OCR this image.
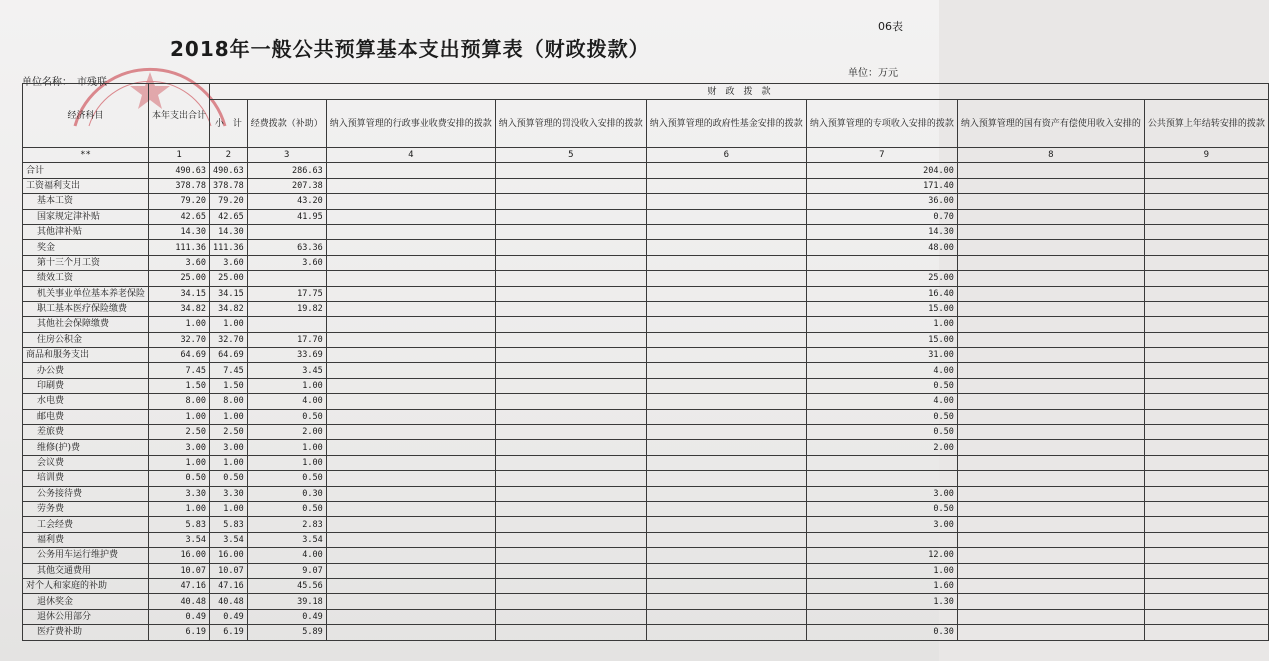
06表
2018年一般公共预算基本支出预算表（财政拨款）
单位名称：　市残联
单位：万元
经济科目	本年支出合计	财　政　拨　款							
		小　计	经费拨款（补助）	纳入预算管理的行政事业收费安排的拨款	纳入预算管理的罚没收入安排的拨款	纳入预算管理的政府性基金安排的拨款	纳入预算管理的专项收入安排的拨款	纳入预算管理的国有资产有偿使用收入安排的	公共预算上年结转安排的拨款
**	1	2	3	4	5	6	7	8	9
合计	490.63	490.63	286.63				204.00		
工资福利支出	378.78	378.78	207.38				171.40		
基本工资	79.20	79.20	43.20				36.00		
国家规定津补贴	42.65	42.65	41.95				0.70		
其他津补贴	14.30	14.30					14.30		
奖金	111.36	111.36	63.36				48.00		
第十三个月工资	3.60	3.60	3.60						
绩效工资	25.00	25.00					25.00		
机关事业单位基本养老保险	34.15	34.15	17.75				16.40		
职工基本医疗保险缴费	34.82	34.82	19.82				15.00		
其他社会保障缴费	1.00	1.00					1.00		
住房公积金	32.70	32.70	17.70				15.00		
商品和服务支出	64.69	64.69	33.69				31.00		
办公费	7.45	7.45	3.45				4.00		
印刷费	1.50	1.50	1.00				0.50		
水电费	8.00	8.00	4.00				4.00		
邮电费	1.00	1.00	0.50				0.50		
差旅费	2.50	2.50	2.00				0.50		
维修(护)费	3.00	3.00	1.00				2.00		
会议费	1.00	1.00	1.00						
培训费	0.50	0.50	0.50						
公务接待费	3.30	3.30	0.30				3.00		
劳务费	1.00	1.00	0.50				0.50		
工会经费	5.83	5.83	2.83				3.00		
福利费	3.54	3.54	3.54						
公务用车运行维护费	16.00	16.00	4.00				12.00		
其他交通费用	10.07	10.07	9.07				1.00		
对个人和家庭的补助	47.16	47.16	45.56				1.60		
退休奖金	40.48	40.48	39.18				1.30		
退休公用部分	0.49	0.49	0.49						
医疗费补助	6.19	6.19	5.89				0.30		
